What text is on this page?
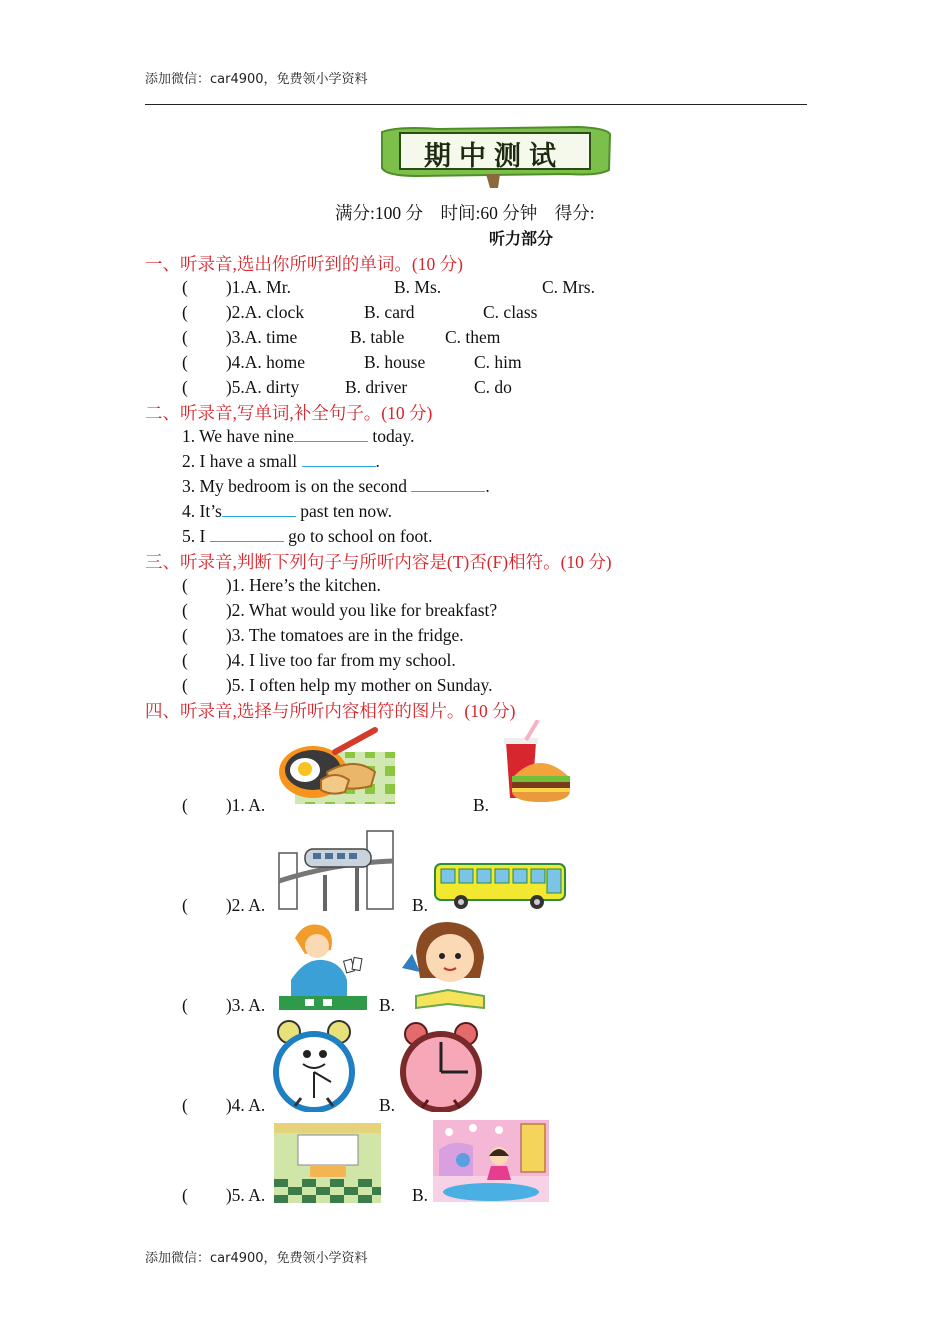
添加微信：car4900，免费领小学资料
期中测试
满分:100 分 时间:60 分钟 得分:
听力部分
一、听录音,选出你所听到的单词。(10 分)
( )1.A. Mr.	B. Ms.	C. Mrs.
( )2.A. clock	B. card	C. class
( )3.A. time	B. table C. them
( )4.A. home	B. house	C. him
( )5.A. dirty	B. driver	C. do
二、听录音,写单词,补全句子。(10 分)
1. We have nine	today.
2. I have a small	.
3. My bedroom is on the second	.
4. It’s	past ten now.
5. I	go to school on foot.
三、听录音,判断下列句子与所听内容是(T)否(F)相符。(10 分)
( )1. Here’s the kitchen.
( )2. What would you like for breakfast?
( )3. The tomatoes are in the fridge.
( )4. I live too far from my school.
( )5. I often help my mother on Sunday.
四、听录音,选择与所听内容相符的图片。(10 分)
( )1. A.	B.
( )2. A.	B.
( )3. A.	B.
( )4. A.	B.
( )5. A.	B.
添加微信：car4900，免费领小学资料
